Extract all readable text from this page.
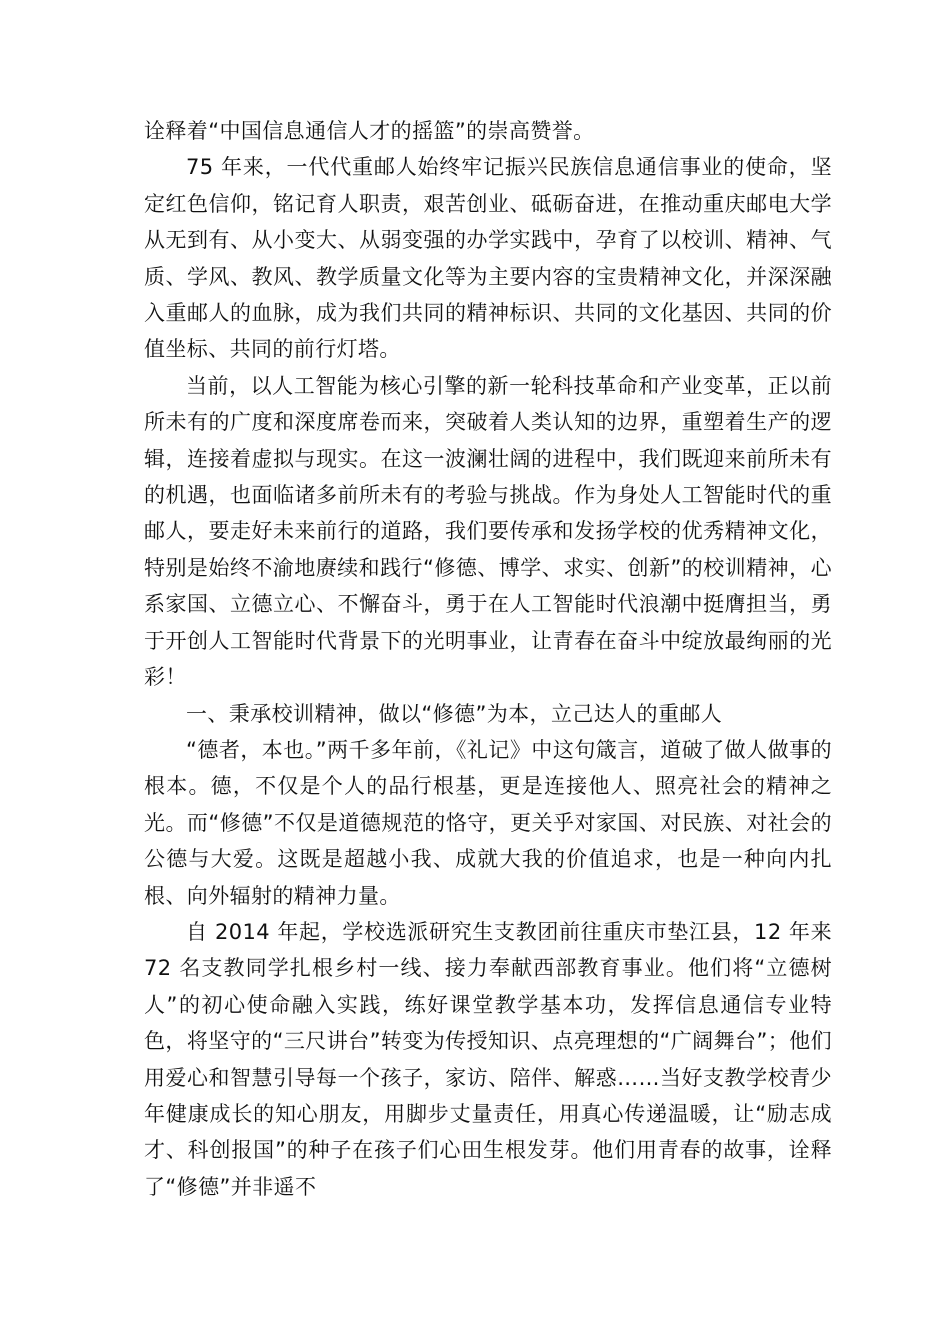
诠释着“中国信息通信人才的摇篮”的崇高赞誉。

75 年来，一代代重邮人始终牢记振兴民族信息通信事业的使命，坚定红色信仰，铭记育人职责，艰苦创业、砥砺奋进，在推动重庆邮电大学从无到有、从小变大、从弱变强的办学实践中，孕育了以校训、精神、气质、学风、教风、教学质量文化等为主要内容的宝贵精神文化，并深深融入重邮人的血脉，成为我们共同的精神标识、共同的文化基因、共同的价值坐标、共同的前行灯塔。

当前，以人工智能为核心引擎的新一轮科技革命和产业变革，正以前所未有的广度和深度席卷而来，突破着人类认知的边界，重塑着生产的逻辑，连接着虚拟与现实。在这一波澜壮阔的进程中，我们既迎来前所未有的机遇，也面临诸多前所未有的考验与挑战。作为身处人工智能时代的重邮人，要走好未来前行的道路，我们要传承和发扬学校的优秀精神文化，特别是始终不渝地赓续和践行“修德、博学、求实、创新”的校训精神，心系家国、立德立心、不懈奋斗，勇于在人工智能时代浪潮中挺膺担当，勇于开创人工智能时代背景下的光明事业，让青春在奋斗中绽放最绚丽的光彩！

一、秉承校训精神，做以“修德”为本，立己达人的重邮人

“德者，本也。”两千多年前，《礼记》中这句箴言，道破了做人做事的根本。德，不仅是个人的品行根基，更是连接他人、照亮社会的精神之光。而“修德”不仅是道德规范的恪守，更关乎对家国、对民族、对社会的公德与大爱。这既是超越小我、成就大我的价值追求，也是一种向内扎根、向外辐射的精神力量。

自 2014 年起，学校选派研究生支教团前往重庆市垫江县，12 年来 72 名支教同学扎根乡村一线、接力奉献西部教育事业。他们将“立德树人”的初心使命融入实践，练好课堂教学基本功，发挥信息通信专业特色，将坚守的“三尺讲台”转变为传授知识、点亮理想的“广阔舞台”；他们用爱心和智慧引导每一个孩子，家访、陪伴、解惑……当好支教学校青少年健康成长的知心朋友，用脚步丈量责任，用真心传递温暖，让“励志成才、科创报国”的种子在孩子们心田生根发芽。他们用青春的故事，诠释了“修德”并非遥不
